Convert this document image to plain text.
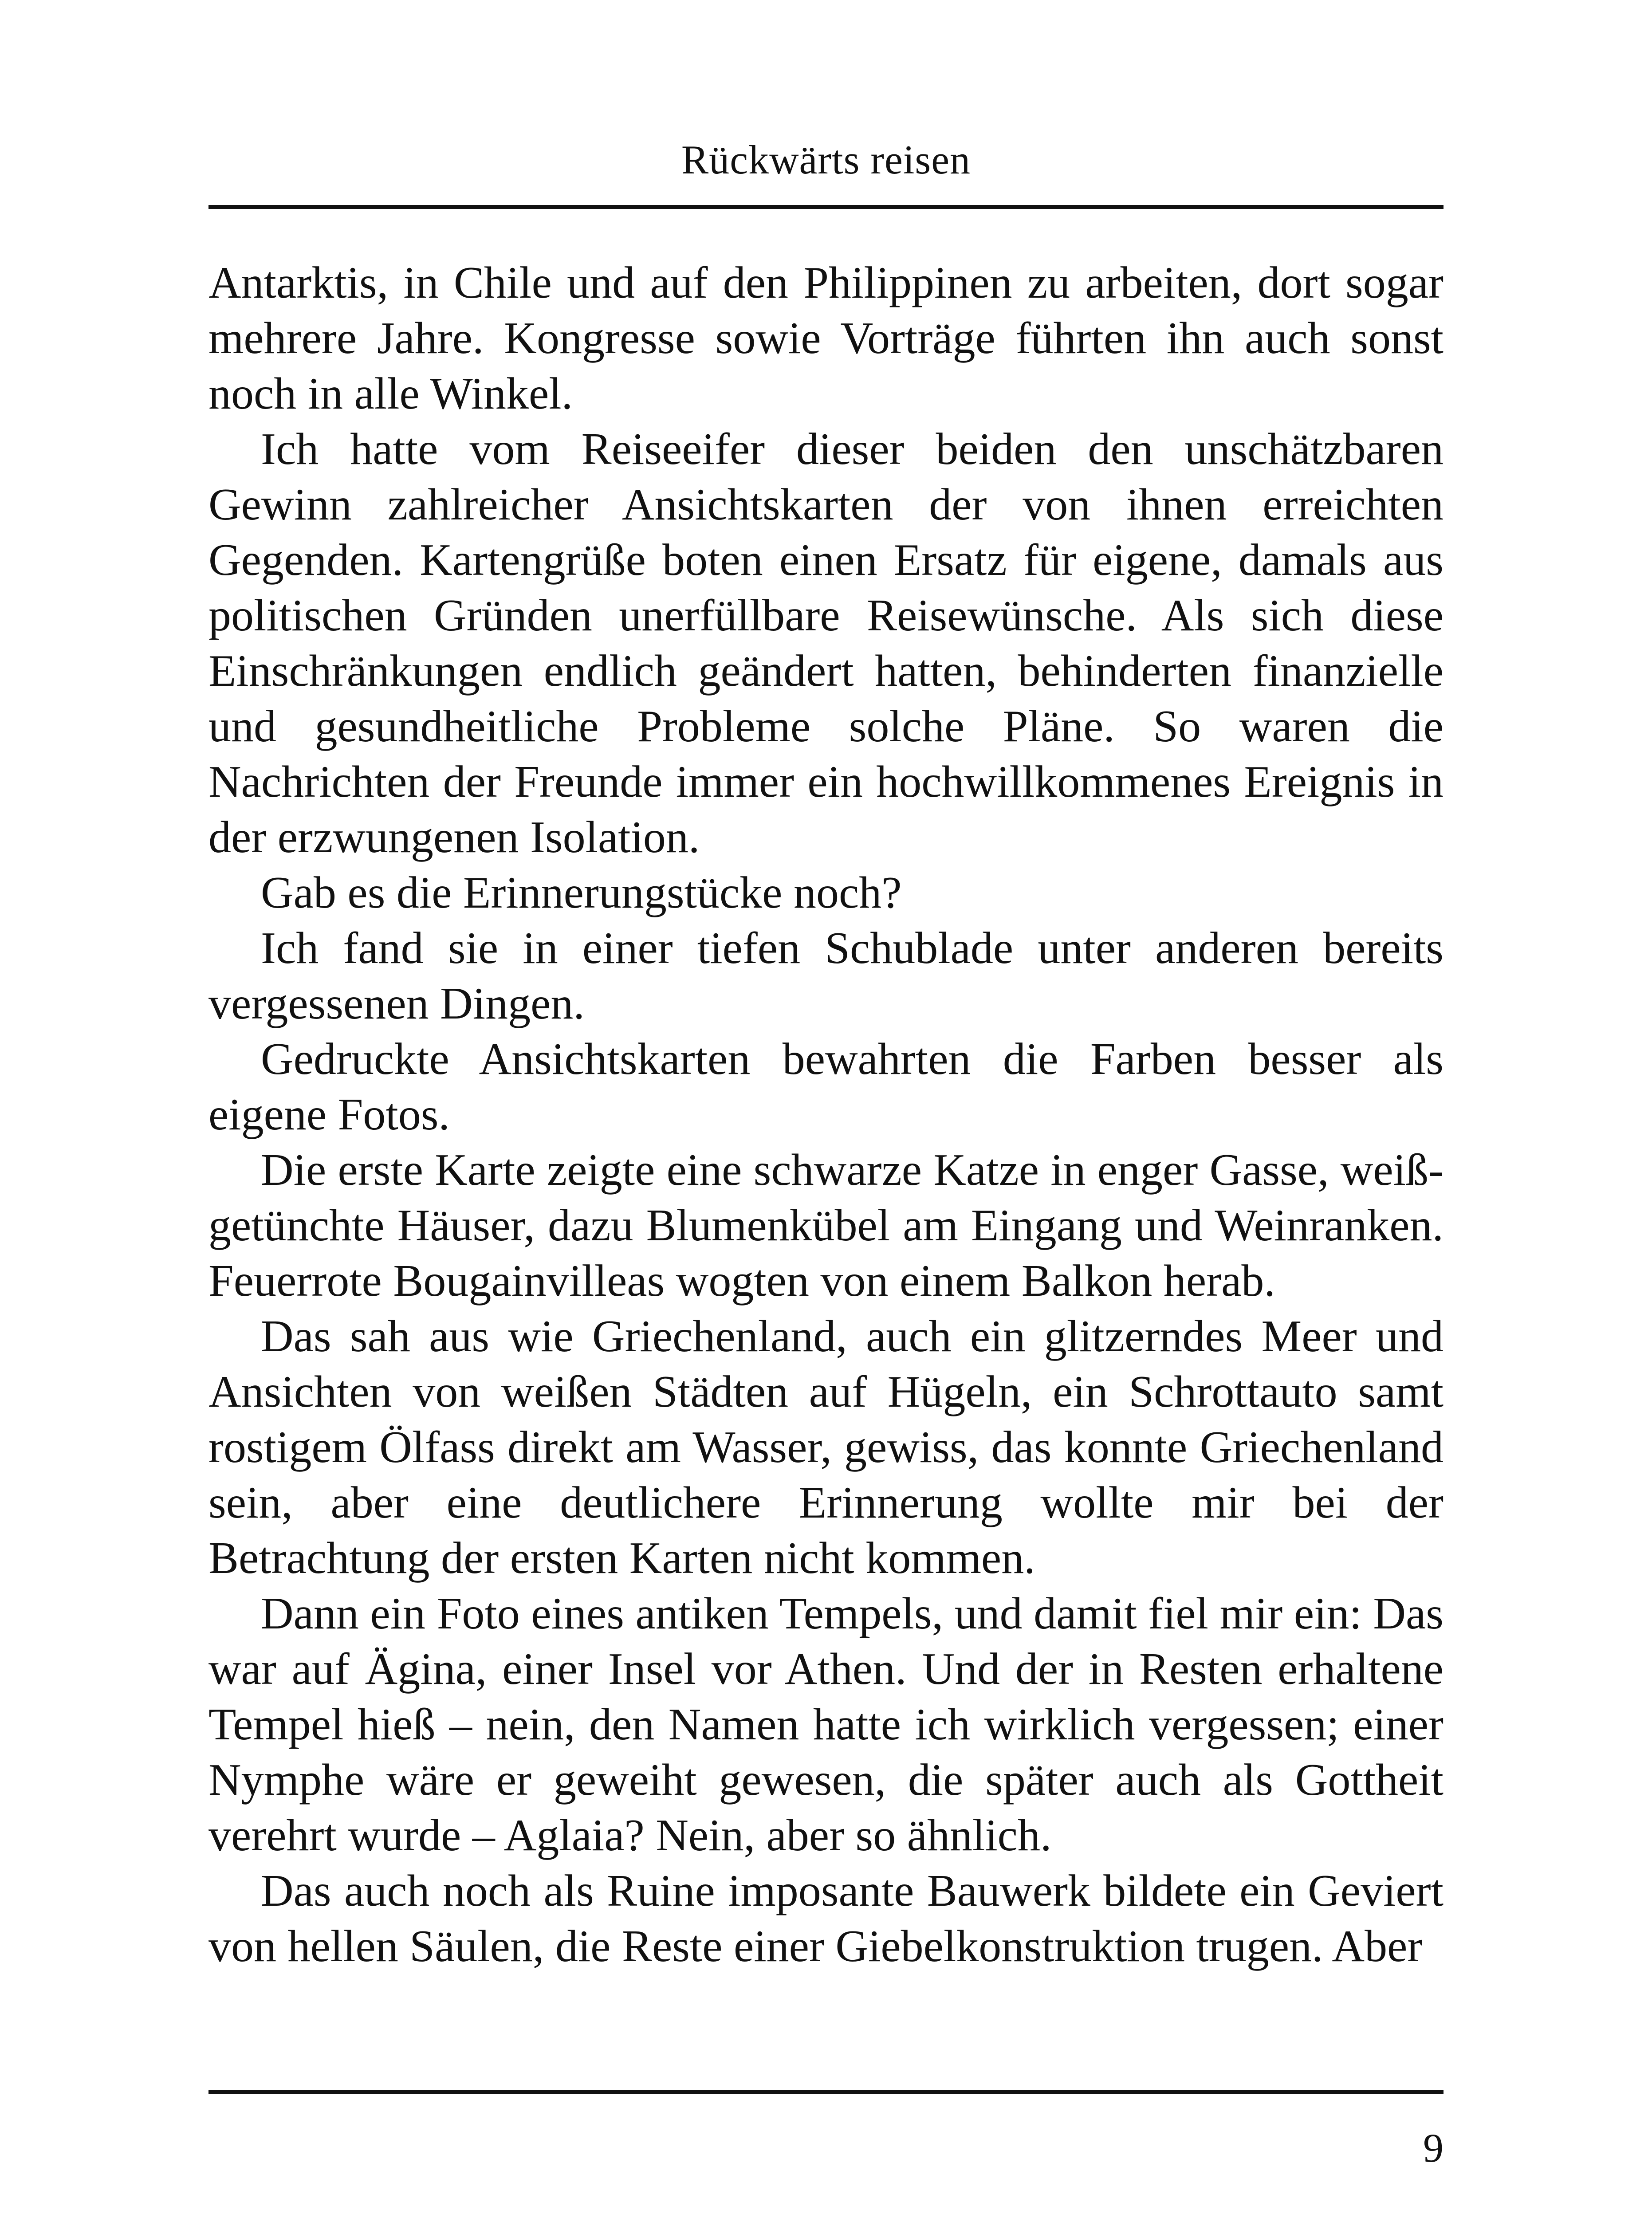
Rückwärts reisen

Antarktis, in Chile und auf den Philippinen zu arbeiten, dort sogar mehrere Jahre. Kongresse sowie Vorträge führten ihn auch sonst noch in alle Winkel.

Ich hatte vom Reiseeifer dieser beiden den unschätzbaren Gewinn zahlreicher Ansichtskarten der von ihnen erreichten Gegenden. Kartengrüße boten einen Ersatz für eigene, damals aus politischen Gründen unerfüllbare Reisewünsche. Als sich diese Einschränkungen endlich geändert hatten, behinderten finanzielle und gesundheitliche Probleme solche Pläne. So waren die Nachrichten der Freunde immer ein hochwillkommenes Ereignis in der erzwungenen Isolation.

Gab es die Erinnerungstücke noch?

Ich fand sie in einer tiefen Schublade unter anderen bereits vergessenen Dingen.

Gedruckte Ansichtskarten bewahrten die Farben besser als eigene Fotos.

Die erste Karte zeigte eine schwarze Katze in enger Gasse, weißgetünchte Häuser, dazu Blumenkübel am Eingang und Weinranken. Feuerrote Bougainvilleas wogten von einem Balkon herab.

Das sah aus wie Griechenland, auch ein glitzerndes Meer und Ansichten von weißen Städten auf Hügeln, ein Schrottauto samt rostigem Ölfass direkt am Wasser, gewiss, das konnte Griechenland sein, aber eine deutlichere Erinnerung wollte mir bei der Betrachtung der ersten Karten nicht kommen.

Dann ein Foto eines antiken Tempels, und damit fiel mir ein: Das war auf Ägina, einer Insel vor Athen. Und der in Resten erhaltene Tempel hieß – nein, den Namen hatte ich wirklich vergessen; einer Nymphe wäre er geweiht gewesen, die später auch als Gottheit verehrt wurde – Aglaia? Nein, aber so ähnlich.

Das auch noch als Ruine imposante Bauwerk bildete ein Geviert von hellen Säulen, die Reste einer Giebelkonstruktion trugen. Aber

9
